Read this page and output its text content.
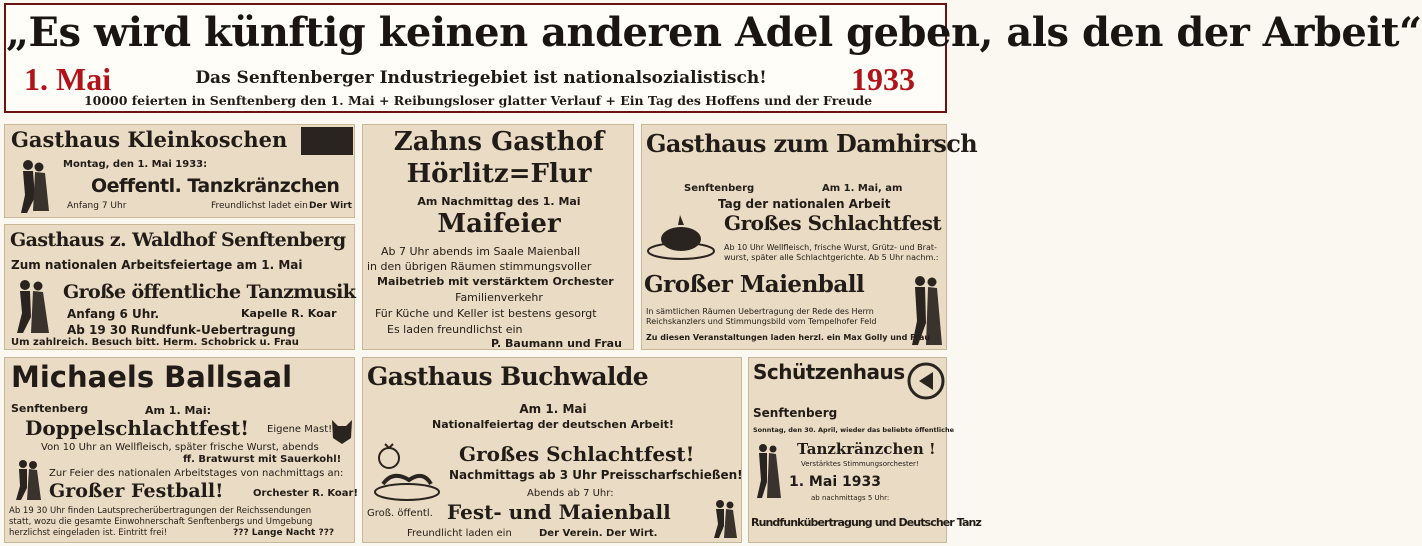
„Es wird künftig keinen anderen Adel geben, als den der Arbeit“
1. Mai	Das Senftenberger Industriegebiet ist nationalsozialistisch!	1933
10000 feierten in Senftenberg den 1. Mai + Reibungsloser glatter Verlauf + Ein Tag des Hoffens und der Freude
Gasthaus Kleinkoschen
Montag, den 1. Mai 1933:
Oeffentl. Tanzkränzchen
Anfang 7 Uhr	Freundlichst ladet ein Der Wirt
Gasthaus z. Waldhof Senftenberg
Zum nationalen Arbeitsfeiertage am 1. Mai
Große öffentliche Tanzmusik
Anfang 6 Uhr.	Kapelle R. Koar
Ab 19 30 Rundfunk-Uebertragung
Um zahlreich. Besuch bitt. Herm. Schobrick u. Frau
Zahns Gasthof
Hörlitz=Flur
Am Nachmittag des 1. Mai
Maifeier
Ab 7 Uhr abends im Saale Maienball
in den übrigen Räumen stimmungsvoller
Maibetrieb mit verstärktem Orchester
Familienverkehr
Für Küche und Keller ist bestens gesorgt
Es laden freundlichst ein
P. Baumann und Frau
Gasthaus zum Damhirsch
Senftenberg	Am 1. Mai, am
Tag der nationalen Arbeit
Großes Schlachtfest
Ab 10 Uhr Wellfleisch, frische Wurst, Grütz- und Brat-
wurst, später alle Schlachtgerichte. Ab 5 Uhr nachm.:
Großer Maienball
In sämtlichen Räumen Uebertragung der Rede des Herrn
Reichskanzlers und Stimmungsbild vom Tempelhofer Feld
Zu diesen Veranstaltungen laden herzl. ein Max Golly und Frau
Michaels Ballsaal
Senftenberg	Am 1. Mai:
Doppelschlachtfest! Eigene Mast!
Von 10 Uhr an Wellfleisch, später frische Wurst, abends
ff. Bratwurst mit Sauerkohl!
Zur Feier des nationalen Arbeitstages von nachmittags an:
Großer Festball!	Orchester R. Koar!
Ab 19 30 Uhr finden Lautsprecherübertragungen der Reichssendungen
statt, wozu die gesamte Einwohnerschaft Senftenbergs und Umgebung
herzlichst eingeladen ist. Eintritt frei!	??? Lange Nacht ???
Gasthaus Buchwalde
Am 1. Mai
Nationalfeiertag der deutschen Arbeit!
Großes Schlachtfest!
Nachmittags ab 3 Uhr Preisscharfschießen!
Abends ab 7 Uhr:
Groß. öffentl. Fest- und Maienball
Freundlicht laden ein	Der Verein. Der Wirt.
Schützenhaus
Senftenberg
Sonntag, den 30. April, wieder das beliebte öffentliche
Tanzkränzchen !
Verstärktes Stimmungsorchester!
1. Mai 1933
ab nachmittags 5 Uhr:
Rundfunkübertragung und Deutscher Tanz
